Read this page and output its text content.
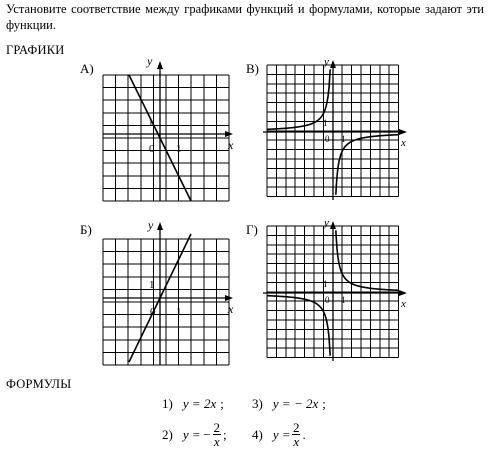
Установите соответствие между графиками функций и формулами, которые задают эти функции.
ГРАФИКИ
А)	В)
Б)	Г)
y
x
0 1
1
y
x
0 1
1
y
x
0 1
1
y
x
0 1
1
ФОРМУЛЫ
1) y = 2x ; 3) y = − 2x ;
2) y = − $\frac{2}{x}$ ; 4) $y = \frac{2}{x}$ .
